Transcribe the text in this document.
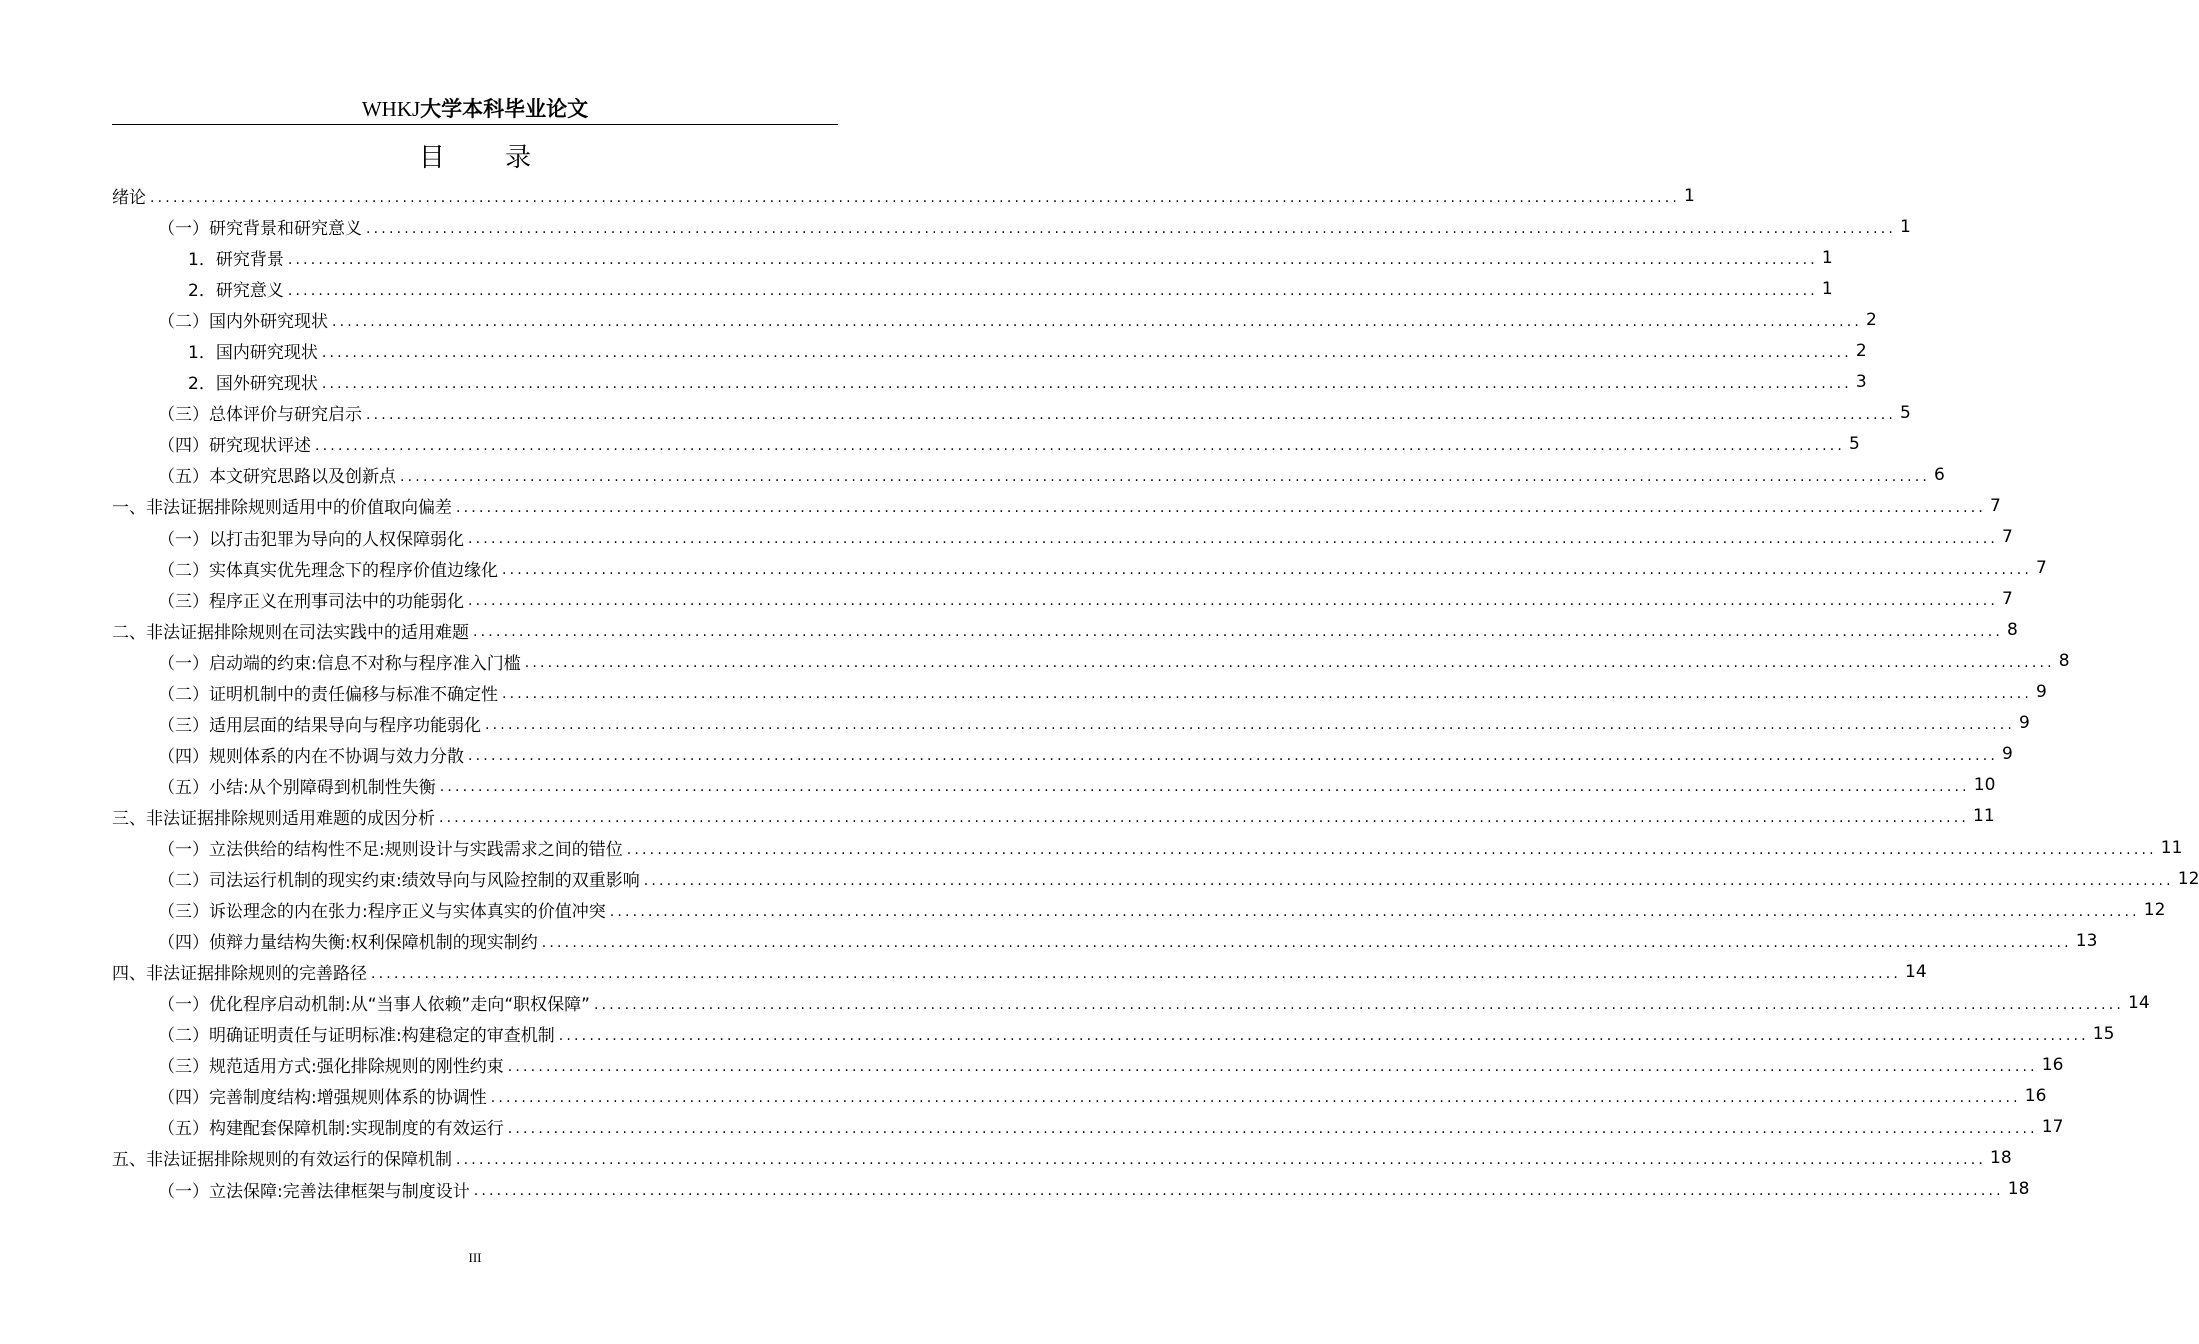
WHKJ大学本科毕业论文
目 录
绪论 ........................................................................................................................................................................................................ 1
（一）研究背景和研究意义 ........................................................................................................................................................................................................ 1
1．研究背景 ........................................................................................................................................................................................................ 1
2．研究意义 ........................................................................................................................................................................................................ 1
（二）国内外研究现状 ........................................................................................................................................................................................................ 2
1．国内研究现状 ........................................................................................................................................................................................................ 2
2．国外研究现状 ........................................................................................................................................................................................................ 3
（三）总体评价与研究启示 ........................................................................................................................................................................................................ 5
（四）研究现状评述 ........................................................................................................................................................................................................ 5
（五）本文研究思路以及创新点 ........................................................................................................................................................................................................ 6
一、非法证据排除规则适用中的价值取向偏差 ........................................................................................................................................................................................................ 7
（一）以打击犯罪为导向的人权保障弱化 ........................................................................................................................................................................................................ 7
（二）实体真实优先理念下的程序价值边缘化 ........................................................................................................................................................................................................ 7
（三）程序正义在刑事司法中的功能弱化 ........................................................................................................................................................................................................ 7
二、非法证据排除规则在司法实践中的适用难题 ........................................................................................................................................................................................................ 8
（一）启动端的约束:信息不对称与程序准入门槛 ........................................................................................................................................................................................................ 8
（二）证明机制中的责任偏移与标准不确定性 ........................................................................................................................................................................................................ 9
（三）适用层面的结果导向与程序功能弱化 ........................................................................................................................................................................................................ 9
（四）规则体系的内在不协调与效力分散 ........................................................................................................................................................................................................ 9
（五）小结:从个别障碍到机制性失衡 ........................................................................................................................................................................................................ 10
三、非法证据排除规则适用难题的成因分析 ........................................................................................................................................................................................................ 11
（一）立法供给的结构性不足:规则设计与实践需求之间的错位 ........................................................................................................................................................................................................ 11
（二）司法运行机制的现实约束:绩效导向与风险控制的双重影响 ........................................................................................................................................................................................................ 12
（三）诉讼理念的内在张力:程序正义与实体真实的价值冲突 ........................................................................................................................................................................................................ 12
（四）侦辩力量结构失衡:权利保障机制的现实制约 ........................................................................................................................................................................................................ 13
四、非法证据排除规则的完善路径 ........................................................................................................................................................................................................ 14
（一）优化程序启动机制:从“当事人依赖”走向“职权保障” ........................................................................................................................................................................................................ 14
（二）明确证明责任与证明标准:构建稳定的审查机制 ........................................................................................................................................................................................................ 15
（三）规范适用方式:强化排除规则的刚性约束 ........................................................................................................................................................................................................ 16
（四）完善制度结构:增强规则体系的协调性 ........................................................................................................................................................................................................ 16
（五）构建配套保障机制:实现制度的有效运行 ........................................................................................................................................................................................................ 17
五、非法证据排除规则的有效运行的保障机制 ........................................................................................................................................................................................................ 18
（一）立法保障:完善法律框架与制度设计 ........................................................................................................................................................................................................ 18
III
